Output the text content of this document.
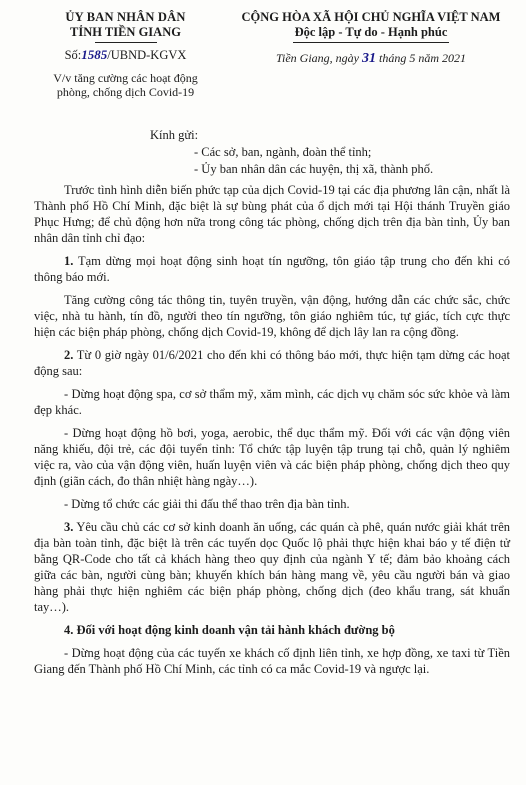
ỦY BAN NHÂN DÂN
TỈNH TIỀN GIANG
Số:1585/UBND-KGVX
V/v tăng cường các hoạt động
phòng, chống dịch Covid-19
CỘNG HÒA XÃ HỘI CHỦ NGHĨA VIỆT NAM
Độc lập - Tự do - Hạnh phúc
Tiền Giang, ngày 31 tháng 5 năm 2021
Kính gửi:
- Các sở, ban, ngành, đoàn thể tỉnh;
- Ủy ban nhân dân các huyện, thị xã, thành phố.

Trước tình hình diễn biến phức tạp của dịch Covid-19 tại các địa phương lân cận, nhất là Thành phố Hồ Chí Minh, đặc biệt là sự bùng phát của ổ dịch mới tại Hội thánh Truyền giáo Phục Hưng; để chủ động hơn nữa trong công tác phòng, chống dịch trên địa bàn tỉnh, Ủy ban nhân dân tỉnh chỉ đạo:

1. Tạm dừng mọi hoạt động sinh hoạt tín ngưỡng, tôn giáo tập trung cho đến khi có thông báo mới.

Tăng cường công tác thông tin, tuyên truyền, vận động, hướng dẫn các chức sắc, chức việc, nhà tu hành, tín đồ, người theo tín ngưỡng, tôn giáo nghiêm túc, tự giác, tích cực thực hiện các biện pháp phòng, chống dịch Covid-19, không để dịch lây lan ra cộng đồng.

2. Từ 0 giờ ngày 01/6/2021 cho đến khi có thông báo mới, thực hiện tạm dừng các hoạt động sau:

- Dừng hoạt động spa, cơ sở thẩm mỹ, xăm mình, các dịch vụ chăm sóc sức khỏe và làm đẹp khác.

- Dừng hoạt động hồ bơi, yoga, aerobic, thể dục thẩm mỹ. Đối với các vận động viên năng khiếu, đội trẻ, các đội tuyển tỉnh: Tổ chức tập luyện tập trung tại chỗ, quản lý nghiêm việc ra, vào của vận động viên, huấn luyện viên và các biện pháp phòng, chống dịch theo quy định (giãn cách, đo thân nhiệt hàng ngày…).

- Dừng tổ chức các giải thi đấu thể thao trên địa bàn tỉnh.

3. Yêu cầu chủ các cơ sở kinh doanh ăn uống, các quán cà phê, quán nước giải khát trên địa bàn toàn tỉnh, đặc biệt là trên các tuyến dọc Quốc lộ phải thực hiện khai báo y tế điện tử bằng QR-Code cho tất cả khách hàng theo quy định của ngành Y tế; đảm bảo khoảng cách giữa các bàn, người cùng bàn; khuyến khích bán hàng mang về, yêu cầu người bán và giao hàng phải thực hiện nghiêm các biện pháp phòng, chống dịch (đeo khẩu trang, sát khuẩn tay…).

4. Đối với hoạt động kinh doanh vận tải hành khách đường bộ

- Dừng hoạt động của các tuyến xe khách cố định liên tỉnh, xe hợp đồng, xe taxi từ Tiền Giang đến Thành phố Hồ Chí Minh, các tỉnh có ca mắc Covid-19 và ngược lại.
